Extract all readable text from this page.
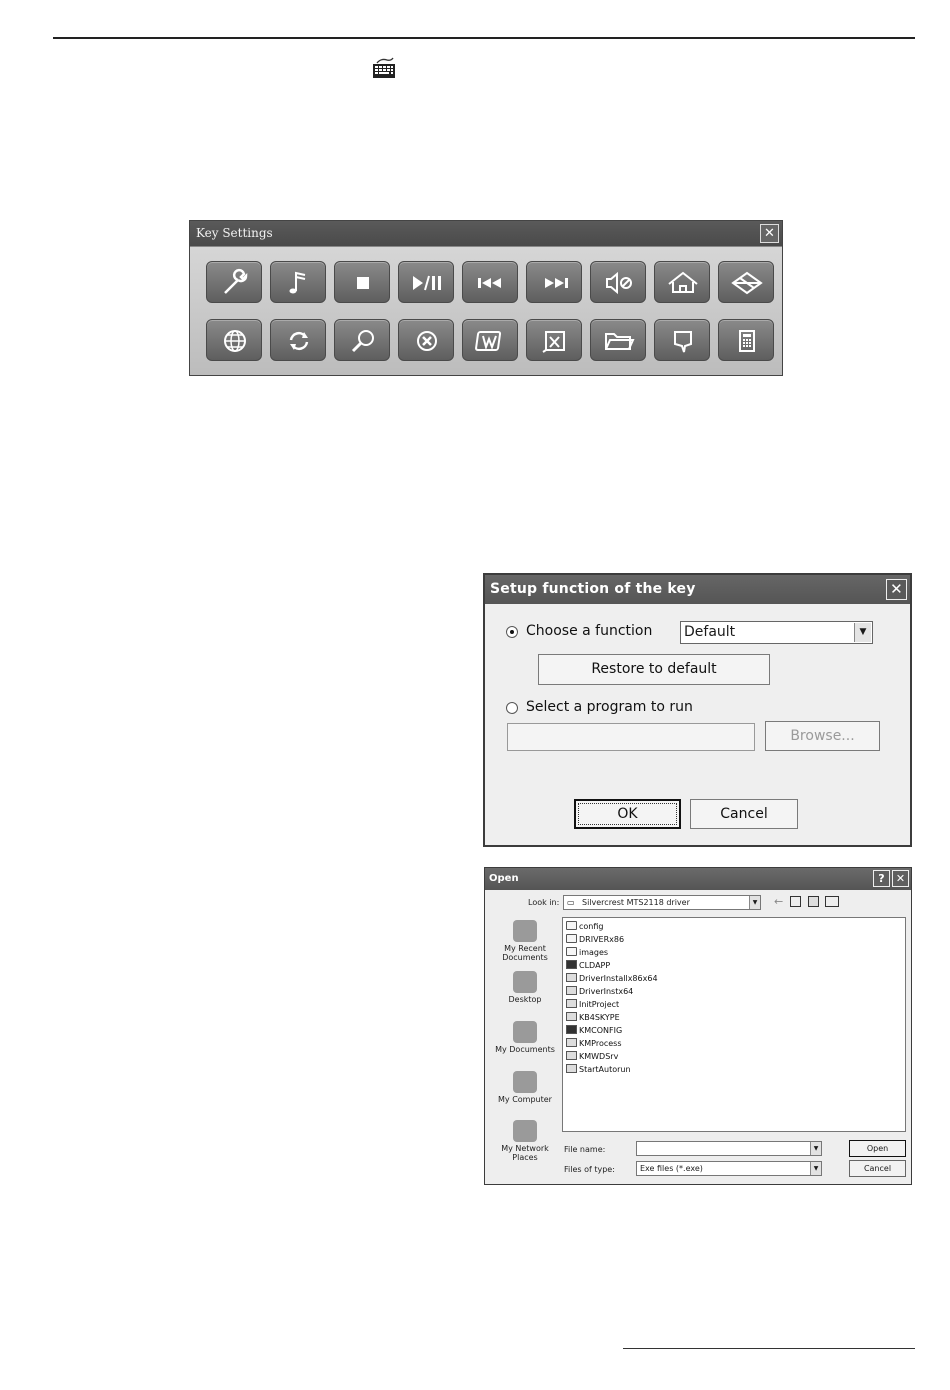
Key Settings	✕
Setup function of the key	✕
Choose a function Default	▼
Restore to default
Select a program to run
Browse...
OK	Cancel
Open	?	✕
Look in: ▭ Silvercrest MTS2118 driver	▼ ←
My Recent Documents
Desktop
My Documents
My Computer
My Network Places
config
DRIVERx86
images
CLDAPP
DriverInstallx86x64
DriverInstx64
InitProject
KB4SKYPE
KMCONFIG
KMProcess
KMWDSrv
StartAutorun
File name:	▼
Files of type:	Exe files (*.exe)	▼
Open
Cancel
